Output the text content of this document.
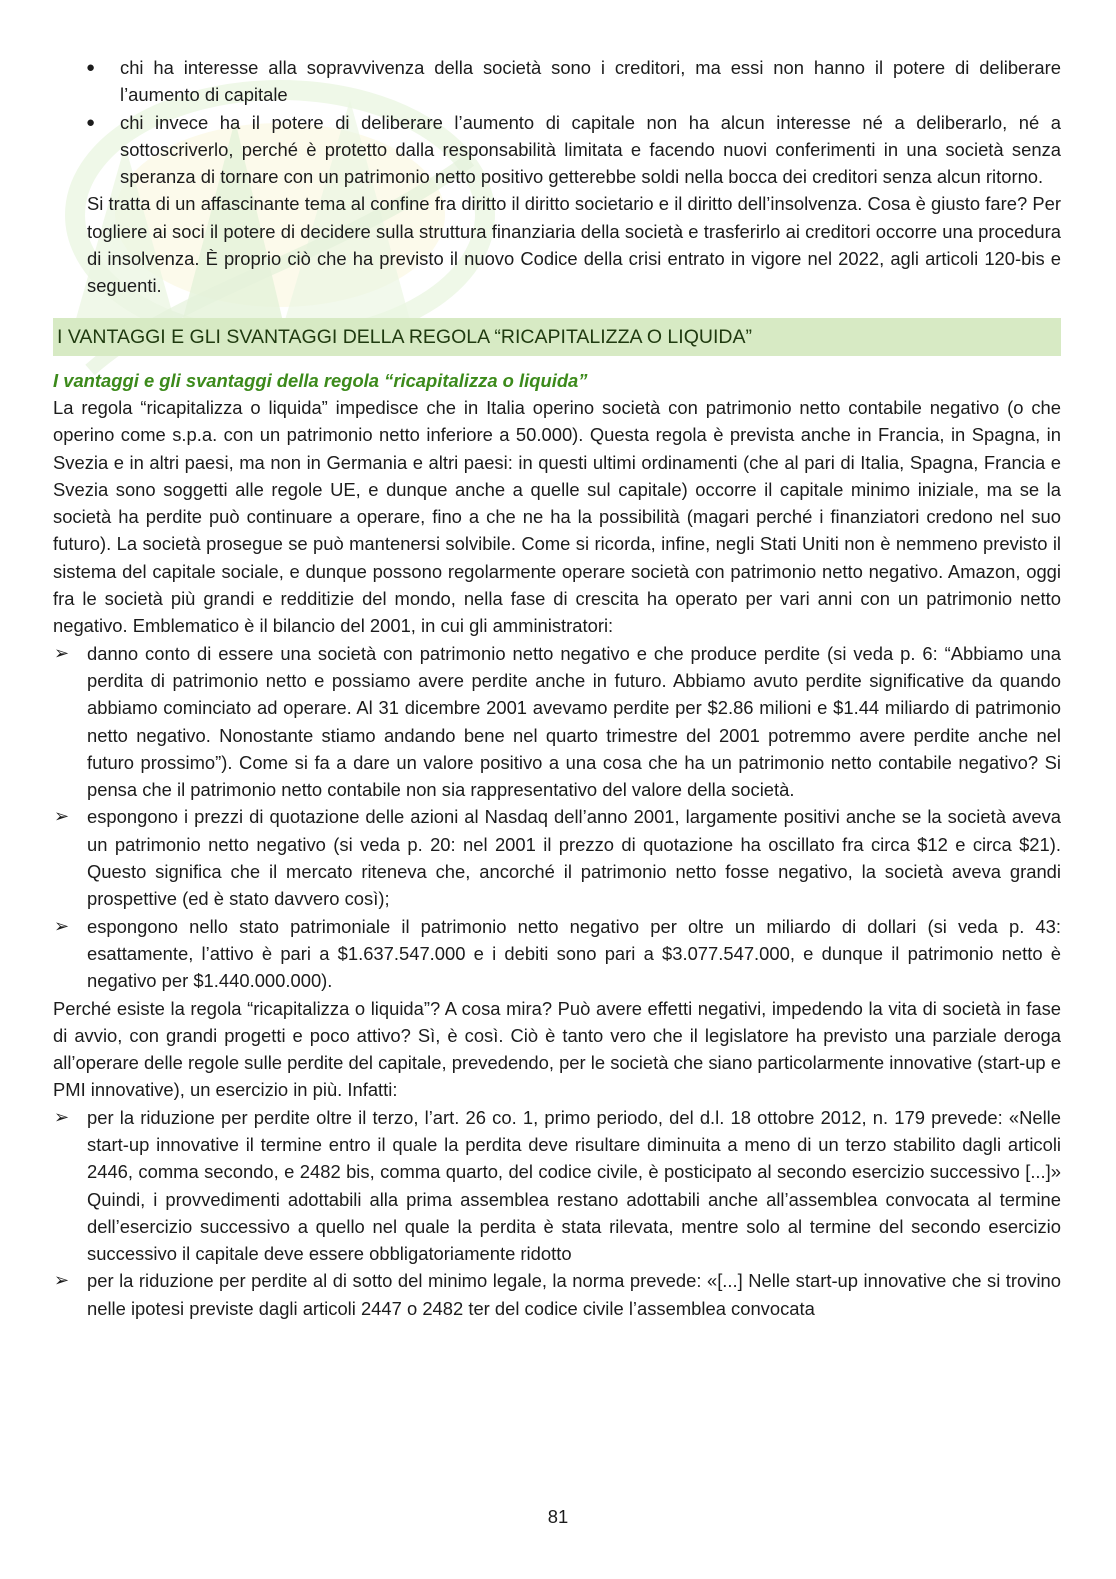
● chi ha interesse alla sopravvivenza della società sono i creditori, ma essi non hanno il potere di deliberare l’aumento di capitale
● chi invece ha il potere di deliberare l’aumento di capitale non ha alcun interesse né a deliberarlo, né a sottoscriverlo, perché è protetto dalla responsabilità limitata e facendo nuovi conferimenti in una società senza speranza di tornare con un patrimonio netto positivo getterebbe soldi nella bocca dei creditori senza alcun ritorno.

Si tratta di un affascinante tema al confine fra diritto il diritto societario e il diritto dell’insolvenza. Cosa è giusto fare? Per togliere ai soci il potere di decidere sulla struttura finanziaria della società e trasferirlo ai creditori occorre una procedura di insolvenza. È proprio ciò che ha previsto il nuovo Codice della crisi entrato in vigore nel 2022, agli articoli 120-bis e seguenti.

I VANTAGGI E GLI SVANTAGGI DELLA REGOLA “RICAPITALIZZA O LIQUIDA”

I vantaggi e gli svantaggi della regola “ricapitalizza o liquida”

La regola “ricapitalizza o liquida” impedisce che in Italia operino società con patrimonio netto contabile negativo (o che operino come s.p.a. con un patrimonio netto inferiore a 50.000). Questa regola è prevista anche in Francia, in Spagna, in Svezia e in altri paesi, ma non in Germania e altri paesi: in questi ultimi ordinamenti (che al pari di Italia, Spagna, Francia e Svezia sono soggetti alle regole UE, e dunque anche a quelle sul capitale) occorre il capitale minimo iniziale, ma se la società ha perdite può continuare a operare, fino a che ne ha la possibilità (magari perché i finanziatori credono nel suo futuro). La società prosegue se può mantenersi solvibile. Come si ricorda, infine, negli Stati Uniti non è nemmeno previsto il sistema del capitale sociale, e dunque possono regolarmente operare società con patrimonio netto negativo. Amazon, oggi fra le società più grandi e redditizie del mondo, nella fase di crescita ha operato per vari anni con un patrimonio netto negativo. Emblematico è il bilancio del 2001, in cui gli amministratori:

➢ danno conto di essere una società con patrimonio netto negativo e che produce perdite (si veda p. 6: “Abbiamo una perdita di patrimonio netto e possiamo avere perdite anche in futuro. Abbiamo avuto perdite significative da quando abbiamo cominciato ad operare. Al 31 dicembre 2001 avevamo perdite per $2.86 milioni e $1.44 miliardo di patrimonio netto negativo. Nonostante stiamo andando bene nel quarto trimestre del 2001 potremmo avere perdite anche nel futuro prossimo”). Come si fa a dare un valore positivo a una cosa che ha un patrimonio netto contabile negativo? Si pensa che il patrimonio netto contabile non sia rappresentativo del valore della società.
➢ espongono i prezzi di quotazione delle azioni al Nasdaq dell’anno 2001, largamente positivi anche se la società aveva un patrimonio netto negativo (si veda p. 20: nel 2001 il prezzo di quotazione ha oscillato fra circa $12 e circa $21). Questo significa che il mercato riteneva che, ancorché il patrimonio netto fosse negativo, la società aveva grandi prospettive (ed è stato davvero così);
➢ espongono nello stato patrimoniale il patrimonio netto negativo per oltre un miliardo di dollari (si veda p. 43: esattamente, l’attivo è pari a $1.637.547.000 e i debiti sono pari a $3.077.547.000, e dunque il patrimonio netto è negativo per $1.440.000.000).

Perché esiste la regola “ricapitalizza o liquida”? A cosa mira? Può avere effetti negativi, impedendo la vita di società in fase di avvio, con grandi progetti e poco attivo? Sì, è così. Ciò è tanto vero che il legislatore ha previsto una parziale deroga all’operare delle regole sulle perdite del capitale, prevedendo, per le società che siano particolarmente innovative (start-up e PMI innovative), un esercizio in più. Infatti:

➢ per la riduzione per perdite oltre il terzo, l’art. 26 co. 1, primo periodo, del d.l. 18 ottobre 2012, n. 179 prevede: «Nelle start-up innovative il termine entro il quale la perdita deve risultare diminuita a meno di un terzo stabilito dagli articoli 2446, comma secondo, e 2482 bis, comma quarto, del codice civile, è posticipato al secondo esercizio successivo [...]» Quindi, i provvedimenti adottabili alla prima assemblea restano adottabili anche all’assemblea convocata al termine dell’esercizio successivo a quello nel quale la perdita è stata rilevata, mentre solo al termine del secondo esercizio successivo il capitale deve essere obbligatoriamente ridotto
➢ per la riduzione per perdite al di sotto del minimo legale, la norma prevede: «[...] Nelle start-up innovative che si trovino nelle ipotesi previste dagli articoli 2447 o 2482 ter del codice civile l’assemblea convocata
81
